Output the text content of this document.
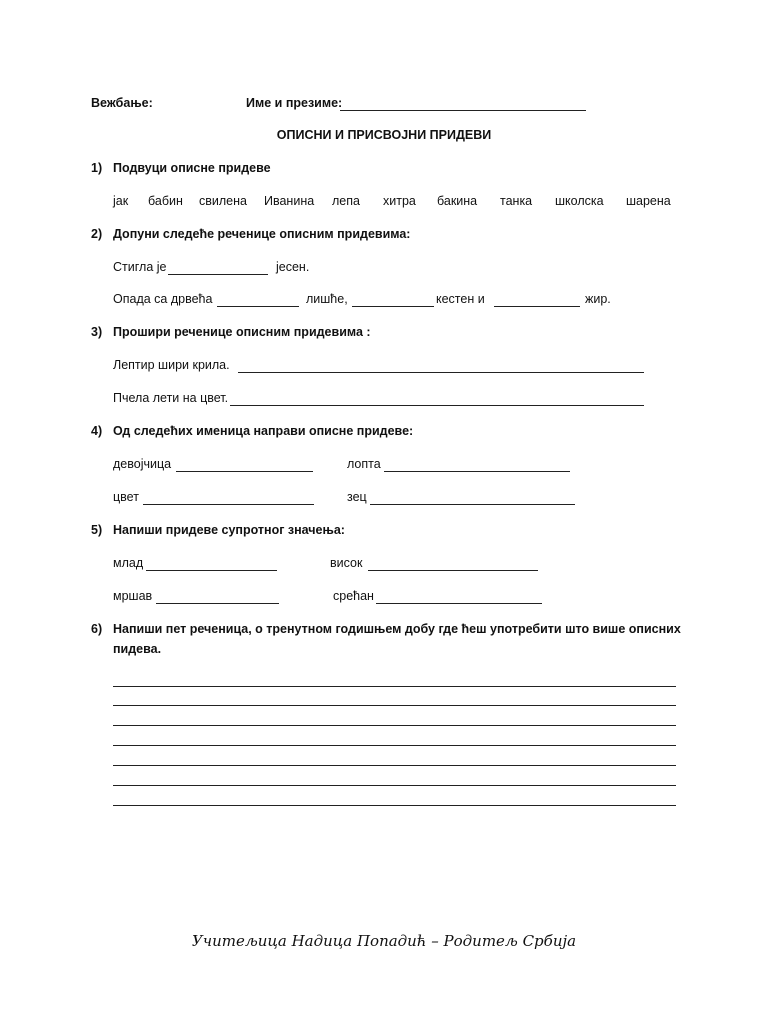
Вежбање:	Име и презиме:
ОПИСНИ И ПРИСВОЈНИ ПРИДЕВИ
1) Подвуци описне придеве
јак бабин свилена Иванина лепа хитра бакина танка школска шарена
2) Допуни следеће реченице описним придевима:
Стигла је	јесен.
Опада са дрвећа	лишће,	кестен и	жир.
3) Прошири реченице описним придевима :
Лептир шири крила.
Пчела лети на цвет.
4) Од следећих именица направи описне придеве:
девојчица	лопта
цвет	зец
5) Напиши придеве супротног значења:
млад	висок
мршав	срећан
6) Напиши пет реченица, о тренутном годишњем добу где ћеш употребити што више описних
пидева.
Учитељица Надица Попадић – Родитељ Србија
